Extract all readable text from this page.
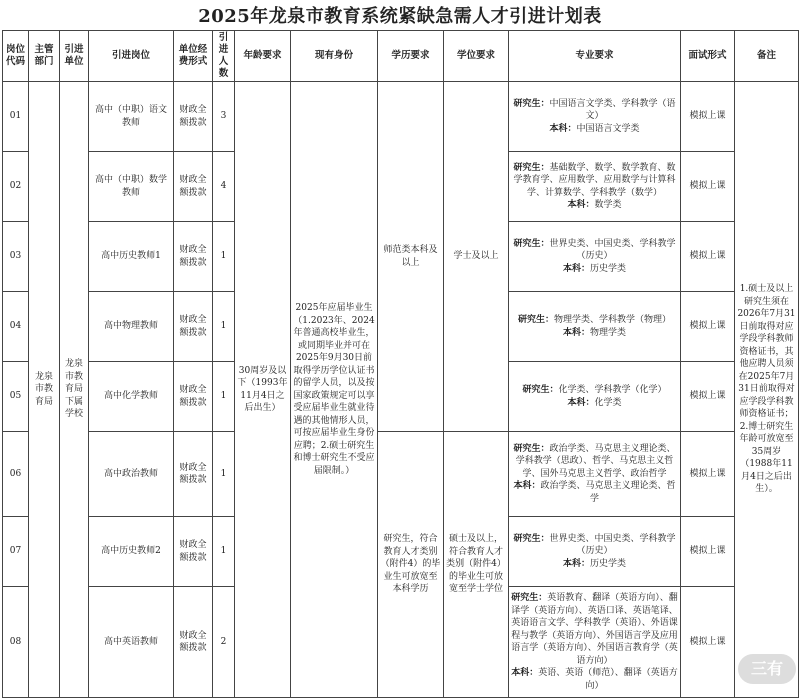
2025年龙泉市教育系统紧缺急需人才引进计划表
岗位代码	主管部门	引进单位	引进岗位	单位经费形式	引进人数	年龄要求	现有身份	学历要求	学位要求	专业要求	面试形式	备注
01	龙泉市教育局	龙泉市教育局下属学校	高中（中职）语文教师	财政全额拨款	3	30周岁及以下（1993年11月4日之后出生）	2025年应届毕业生（1.2023年、2024年普通高校毕业生，或同期毕业并可在2025年9月30日前取得学历学位认证书的留学人员，以及按国家政策规定可以享受应届毕业生就业待遇的其他情形人员，可按应届毕业生身份应聘；2.硕士研究生和博士研究生不受应届限制。）	师范类本科及以上	学士及以上	研究生：中国语言文学类、学科教学（语文）
本科：中国语言文学类	模拟上课	1.硕士及以上研究生须在2026年7月31日前取得对应学段学科教师资格证书，其他应聘人员须在2025年7月31日前取得对应学段学科教师资格证书；2.博士研究生年龄可放宽至35周岁（1988年11月4日之后出生）。
02			高中（中职）数学教师	财政全额拨款	4					研究生：基础数学、数学、数学教育、数学教育学、应用数学、应用数学与计算科学、计算数学、学科教学（数学）
本科：数学类	模拟上课	
03			高中历史教师1	财政全额拨款	1					研究生：世界史类、中国史类、学科教学（历史）
本科：历史学类	模拟上课	
04			高中物理教师	财政全额拨款	1					研究生：物理学类、学科教学（物理）
本科：物理学类	模拟上课	
05			高中化学教师	财政全额拨款	1					研究生：化学类、学科教学（化学）
本科：化学类	模拟上课	
06			高中政治教师	财政全额拨款	1			研究生，符合教育人才类别（附件4）的毕业生可放宽至本科学历	硕士及以上，符合教育人才类别（附件4）的毕业生可放宽至学士学位	研究生：政治学类、马克思主义理论类、学科教学（思政）、哲学、马克思主义哲学、国外马克思主义哲学、政治哲学
本科：政治学类、马克思主义理论类、哲学	模拟上课	
07			高中历史教师2	财政全额拨款	1					研究生：世界史类、中国史类、学科教学（历史）
本科：历史学类	模拟上课	
08			高中英语教师	财政全额拨款	2					研究生：英语教育、翻译（英语方向）、翻译学（英语方向）、英语口译、英语笔译、英语语言文学、学科教学（英语）、外语课程与教学（英语方向）、外国语言学及应用语言学（英语方向）、外国语言教育学（英语方向）
本科：英语、英语（师范）、翻译（英语方向）	模拟上课	
三有
